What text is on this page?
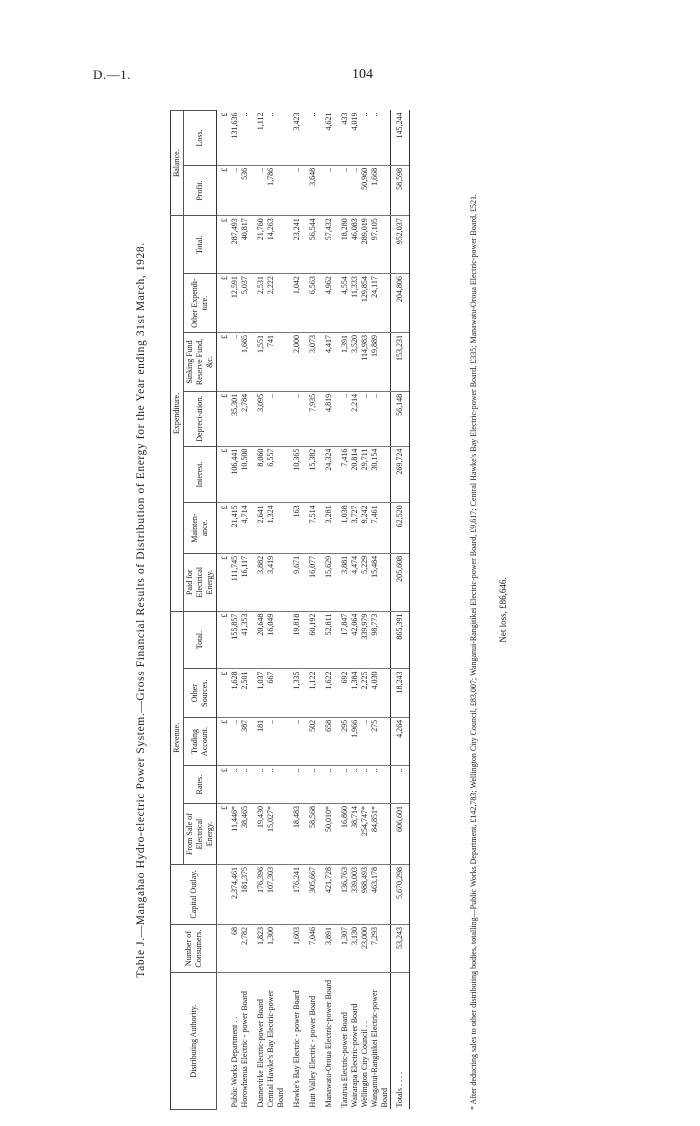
D.—1.	104
Table J.—Mangahao Hydro-electric Power System.—Gross Financial Results of Distribution of Energy for the Year ending 31st March, 1928.
Distributing Authority.	Number of Consumers.	Capital Outlay.	Revenue.					Expenditure.							Balance.	
			From Sale of Electrical Energy.	Rates.	Trading Account.	Other Sources.	Total.	Paid for Electrical Energy.	Mainten-ance.	Interest.	Depreci-ation.	Sinking Fund Reserve Fund, &c.	Other Expendi-ture.	Total.	Profit.	Loss.
			£	£	£	£	£	£	£	£	£	£	£	£	£	£
Public Works Department . .	68	2,374,461	11,446*	..	..	1,628	155,857	111,745	21,415	106,441	35,301	..	12,591	287,493	..	131,636
Horowhenua Electric - power Board	2,782	181,375	38,465	..	387	2,501	41,353	16,117	4,714	10,500	2,784	1,665	5,037	40,817	536	..

Dannevirke Electric-power Board	1,823	176,396	19,430	..	181	1,037	20,648	3,882	2,641	8,060	3,095	1,551	2,531	21,760	..	1,112
Central Hawke's Bay Electric-power Board	1,300	107,303	15,027*	..	..	667	16,049	3,419	1,324	6,557	..	741	2,222	14,263	1,786	..

Hawke's Bay Electric - power Board	1,603	176,241	18,483	..	..	1,335	19,818	9,671	163	10,365	..	2,000	1,042	23,241	..	3,423

Hutt Valley Electric - power Board	7,046	305,667	58,568	..	502	1,122	60,192	16,077	7,514	15,382	7,935	3,073	6,563	56,544	3,648	..

Manawatu-Oroua Electric-power Board	3,891	421,728	50,010*	..	658	1,622	52,811	15,629	3,281	24,324	4,819	4,417	4,962	57,432	..	4,621

Tararua Electric-power Board	1,307	136,763	16,860	..	295	692	17,847	3,881	1,038	7,416	..	1,391	4,554	18,280	..	433
Wairarapa Electric-power Board	3,130	339,003	38,714	..	1,966	1,384	42,064	4,474	3,727	20,814	2,214	3,520	11,333	46,083	..	4,019
Wellington City Council . .	23,000	988,493	254,747*	..	..	2,225	339,979	5,229	9,242	29,711	..	114,983	129,854	289,019	50,960	..
Wanganui-Rangitikei Electric-power Board	7,293	463,178	84,851*	..	275	4,030	98,773	15,484	7,461	30,154	..	19,889	24,117	97,105	1,668	..
Totals . . . .	53,243	5,670,298	606,601	..	4,264	18,243	865,391	205,608	62,520	269,724	56,148	153,231	204,806	952,037	58,598	145,244
* After deducting sales to other distributing bodies, totalling—Public Works Department, £142,783; Wellington City Council, £83,007; Wanganui-Rangitikei Electric-power Board, £9,617; Central Hawke's Bay Electric-power Board, £335; Manawatu-Oroua Electric-power Board, £521. Net loss, £86,646.
